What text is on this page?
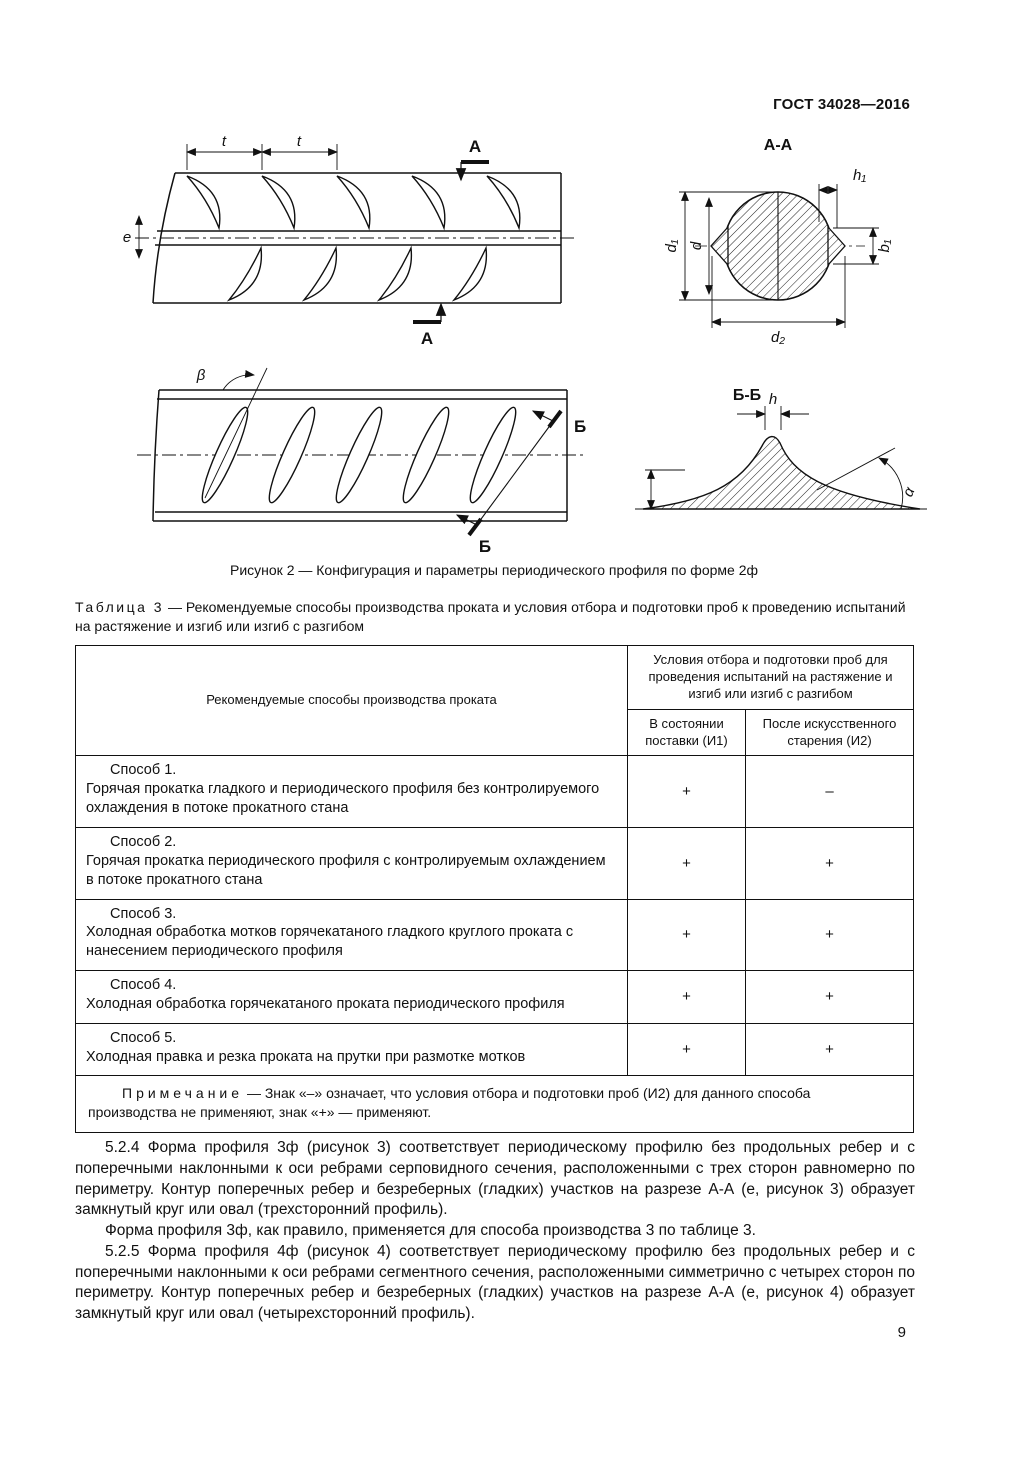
ГОСТ 34028—2016
t	t	А
А
е
А-А
d₁ d
h₁
b₁
d₂
β
Б
Б
Б-Б h
α
Рисунок 2 — Конфигурация и параметры периодического профиля по форме 2ф
Таблица 3 — Рекомендуемые способы производства проката и условия отбора и подготовки проб к проведению испытаний на растяжение и изгиб или изгиб с разгибом
Рекомендуемые способы производства проката	Условия отбора и подготовки проб для проведения испытаний на растяжение и изгиб или изгиб с разгибом	
	В состоянии поставки (И1)	После искусственного старения (И2)

Способ 1.
Горячая прокатка гладкого и периодического профиля без контролируемого охлаждения в потоке прокатного стана	+	–

Способ 2.
Горячая прокатка периодического профиля с контролируемым охлаждением в потоке прокатного стана	+	+

Способ 3.
Холодная обработка мотков горячекатаного гладкого круглого проката с нанесением периодического профиля	+	+

Способ 4.
Холодная обработка горячекатаного проката периодического профиля	+	+

Способ 5.
Холодная правка и резка проката на прутки при размотке мотков	+	+
Примечание — Знак «–» означает, что условия отбора и подготовки проб (И2) для данного способа производства не применяют, знак «+» — применяют.		

5.2.4 Форма профиля 3ф (рисунок 3) соответствует периодическому профилю без продольных ребер и с поперечными наклонными к оси ребрами серповидного сечения, расположенными с трех сторон равномерно по периметру. Контур поперечных ребер и безреберных (гладких) участков на разрезе А-А (е, рисунок 3) образует замкнутый круг или овал (трехсторонний профиль).

Форма профиля 3ф, как правило, применяется для способа производства 3 по таблице 3.

5.2.5 Форма профиля 4ф (рисунок 4) соответствует периодическому профилю без продольных ребер и с поперечными наклонными к оси ребрами сегментного сечения, расположенными симметрично с четырех сторон по периметру. Контур поперечных ребер и безреберных (гладких) участков на разрезе А-А (е, рисунок 4) образует замкнутый круг или овал (четырехсторонний профиль).

9
